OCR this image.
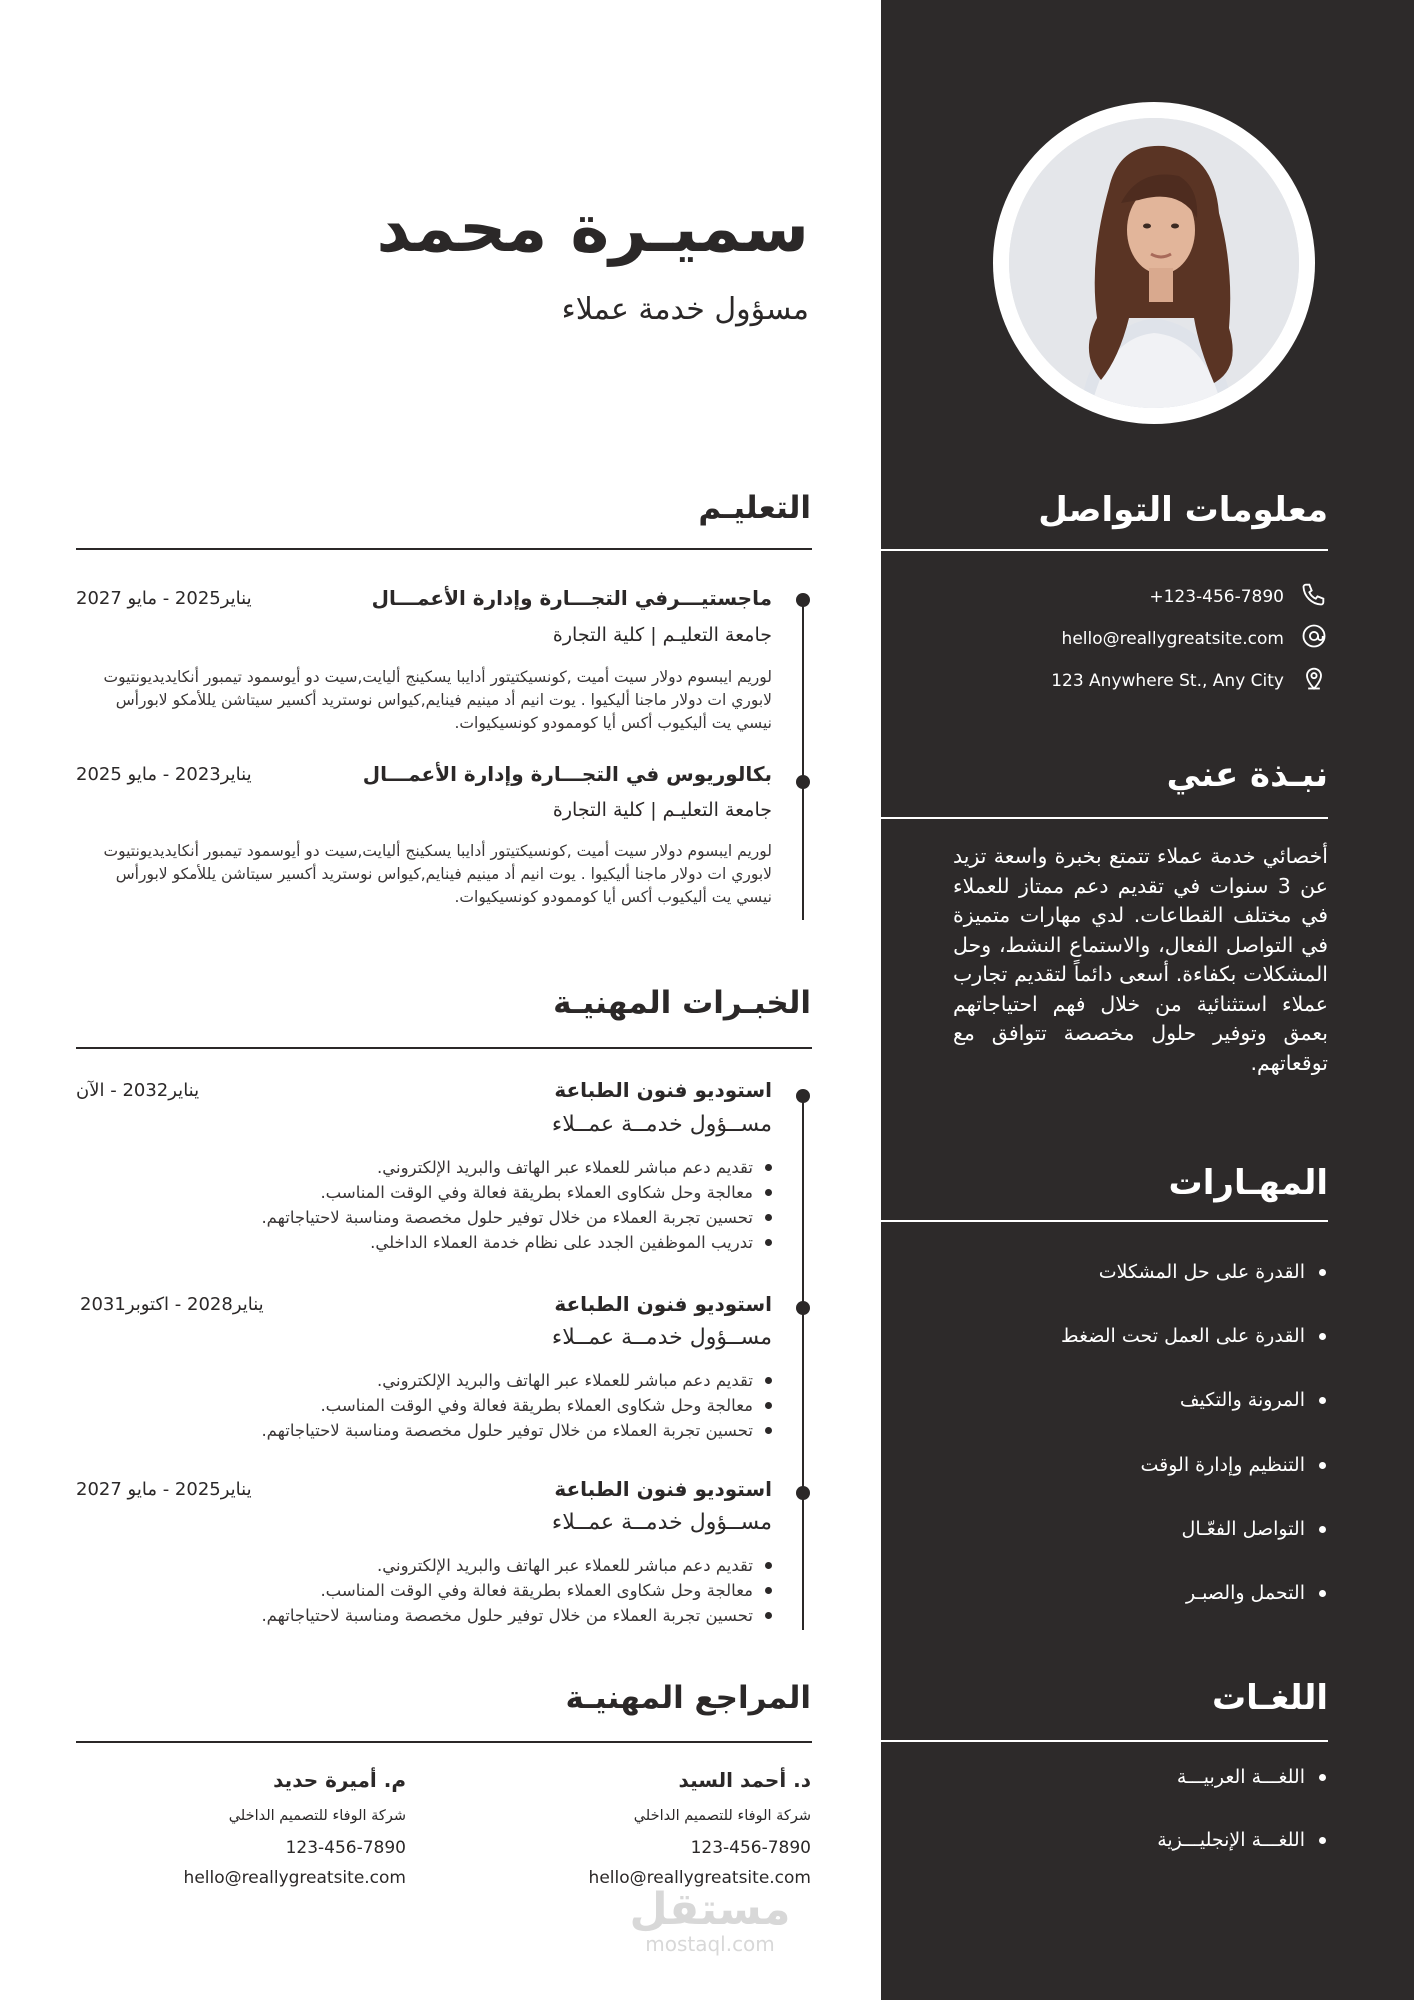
معلومات التواصل
+123-456-7890
hello@reallygreatsite.com
123 Anywhere St., Any City
نبـذة عني
أخصائي خدمة عملاء تتمتع بخبرة واسعة تزيد عن 3 سنوات في تقديم دعم ممتاز للعملاء في مختلف القطاعات. لدي مهارات متميزة في التواصل الفعال، والاستماع النشط، وحل المشكلات بكفاءة. أسعى دائماً لتقديم تجارب عملاء استثنائية من خلال فهم احتياجاتهم بعمق وتوفير حلول مخصصة تتوافق مع توقعاتهم.
المهـارات
القدرة على حل المشكلات
القدرة على العمل تحت الضغط
المرونة والتكيف
التنظيم وإدارة الوقت
التواصل الفعّـال
التحمل والصبـر
اللغـات
اللغـــة العربيـــة
اللغـــة الإنجليـــزية
سميـرة محمد
مسؤول خدمة عملاء
التعليـم
ماجستيـــرفي التجـــارة وإدارة الأعمـــال
يناير2025 - مايو 2027
جامعة التعليـم | كلية التجارة
لوريم ايبسوم دولار سيت أميت ,كونسيكتيتور أدايبا يسكينج أليايت,سيت دو أيوسمود تيمبور أنكايديديونتيوت لابوري ات دولار ماجنا أليكيوا . يوت انيم أد مينيم فينايم,كيواس نوستريد أكسير سيتاشن يللأمكو لابورأس نيسي يت أليكيوب أكس أيا كوممودو كونسيكيوات.
بكالوريوس في التجـــارة وإدارة الأعمـــال
يناير2023 - مايو 2025
جامعة التعليـم | كلية التجارة
لوريم ايبسوم دولار سيت أميت ,كونسيكتيتور أدايبا يسكينج أليايت,سيت دو أيوسمود تيمبور أنكايديديونتيوت لابوري ات دولار ماجنا أليكيوا . يوت انيم أد مينيم فينايم,كيواس نوستريد أكسير سيتاشن يللأمكو لابورأس نيسي يت أليكيوب أكس أيا كوممودو كونسيكيوات.
الخبـرات المهنيـة
استوديو فنون الطباعة
يناير2032 - الآن
مســؤول خدمــة عمــلاء
تقديم دعم مباشر للعملاء عبر الهاتف والبريد الإلكتروني.
معالجة وحل شكاوى العملاء بطريقة فعالة وفي الوقت المناسب.
تحسين تجربة العملاء من خلال توفير حلول مخصصة ومناسبة لاحتياجاتهم.
تدريب الموظفين الجدد على نظام خدمة العملاء الداخلي.
استوديو فنون الطباعة
يناير2028 - اكتوبر2031
مســؤول خدمــة عمــلاء
تقديم دعم مباشر للعملاء عبر الهاتف والبريد الإلكتروني.
معالجة وحل شكاوى العملاء بطريقة فعالة وفي الوقت المناسب.
تحسين تجربة العملاء من خلال توفير حلول مخصصة ومناسبة لاحتياجاتهم.
استوديو فنون الطباعة
يناير2025 - مايو 2027
مســؤول خدمــة عمــلاء
تقديم دعم مباشر للعملاء عبر الهاتف والبريد الإلكتروني.
معالجة وحل شكاوى العملاء بطريقة فعالة وفي الوقت المناسب.
تحسين تجربة العملاء من خلال توفير حلول مخصصة ومناسبة لاحتياجاتهم.
المراجع المهنيـة
د. أحمد السيد
شركة الوفاء للتصميم الداخلي
123-456-7890
hello@reallygreatsite.com
م. أميرة حديد
شركة الوفاء للتصميم الداخلي
123-456-7890
hello@reallygreatsite.com
مستقل
mostaql.com
